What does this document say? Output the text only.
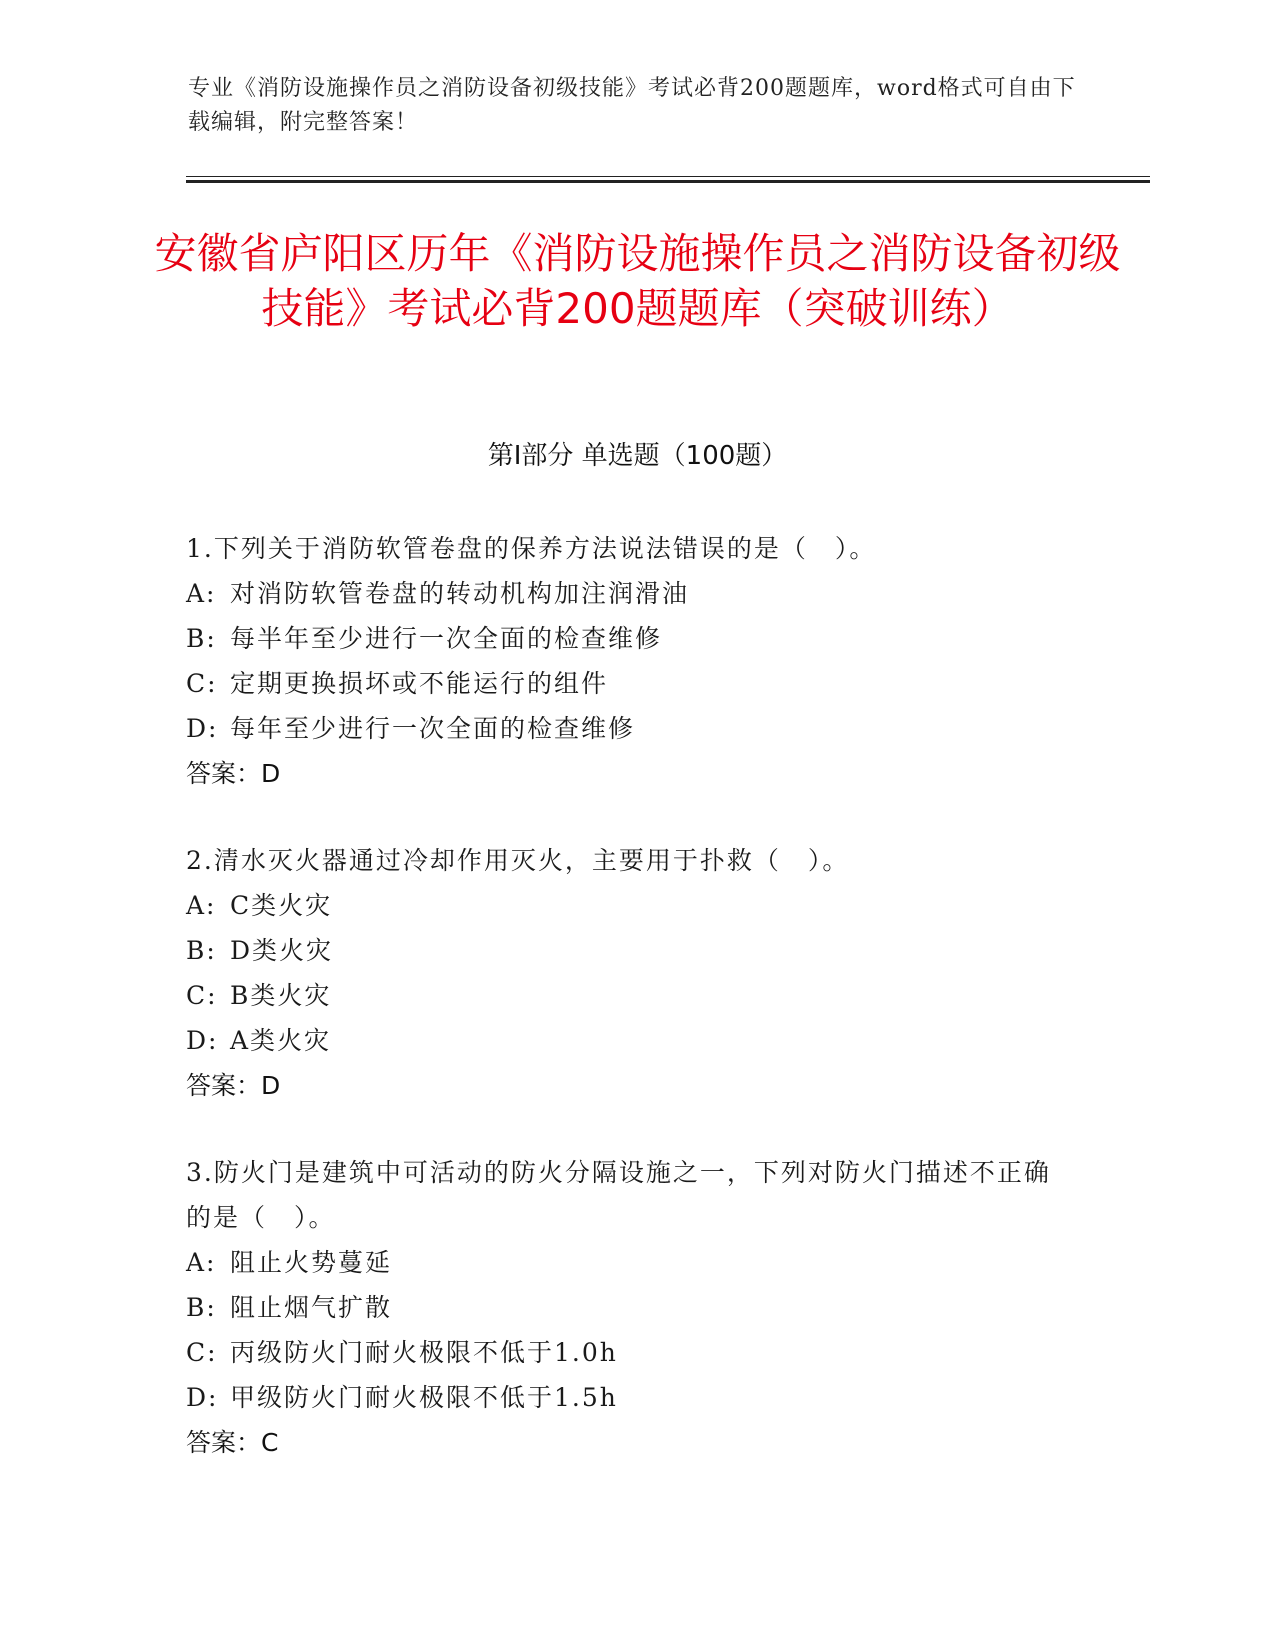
专业《消防设施操作员之消防设备初级技能》考试必背200题题库，word格式可自由下载编辑，附完整答案！
安徽省庐阳区历年《消防设施操作员之消防设备初级技能》考试必背200题题库（突破训练）
第Ⅰ部分 单选题（100题）
1.下列关于消防软管卷盘的保养方法说法错误的是（　）。
A: 对消防软管卷盘的转动机构加注润滑油
B: 每半年至少进行一次全面的检查维修
C: 定期更换损坏或不能运行的组件
D: 每年至少进行一次全面的检查维修
答案：D
2.清水灭火器通过冷却作用灭火，主要用于扑救（　）。
A: C类火灾
B: D类火灾
C: B类火灾
D: A类火灾
答案：D
3.防火门是建筑中可活动的防火分隔设施之一，下列对防火门描述不正确的是（　）。
A: 阻止火势蔓延
B: 阻止烟气扩散
C: 丙级防火门耐火极限不低于1.0h
D: 甲级防火门耐火极限不低于1.5h
答案：C
